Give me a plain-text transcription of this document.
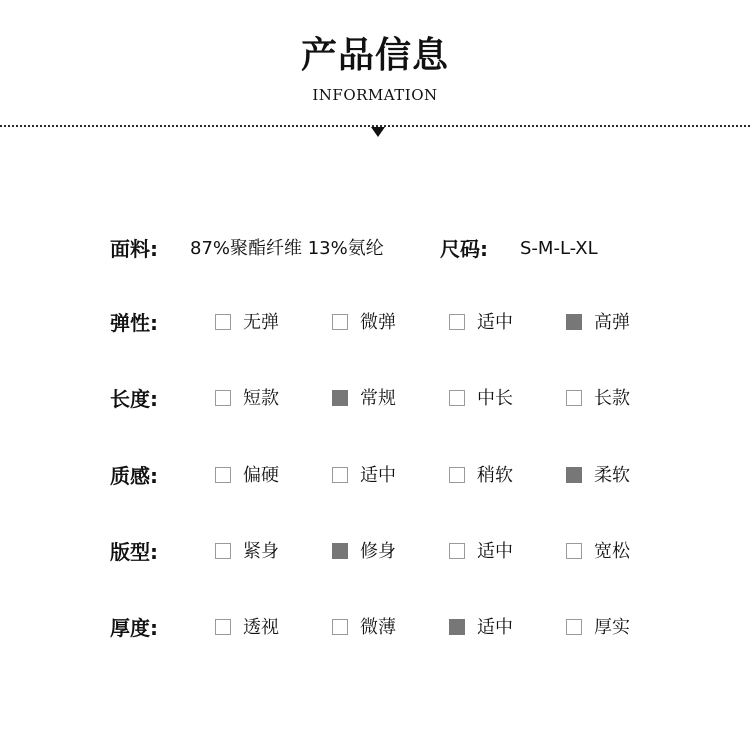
产品信息
INFORMATION
面料: 87%聚酯纤维 13%氨纶	尺码: S-M-L-XL
弹性:	无弹	微弹	适中	高弹
长度:	短款	常规	中长	长款
质感:	偏硬	适中	稍软	柔软
版型:	紧身	修身	适中	宽松
厚度:	透视	微薄	适中	厚实
